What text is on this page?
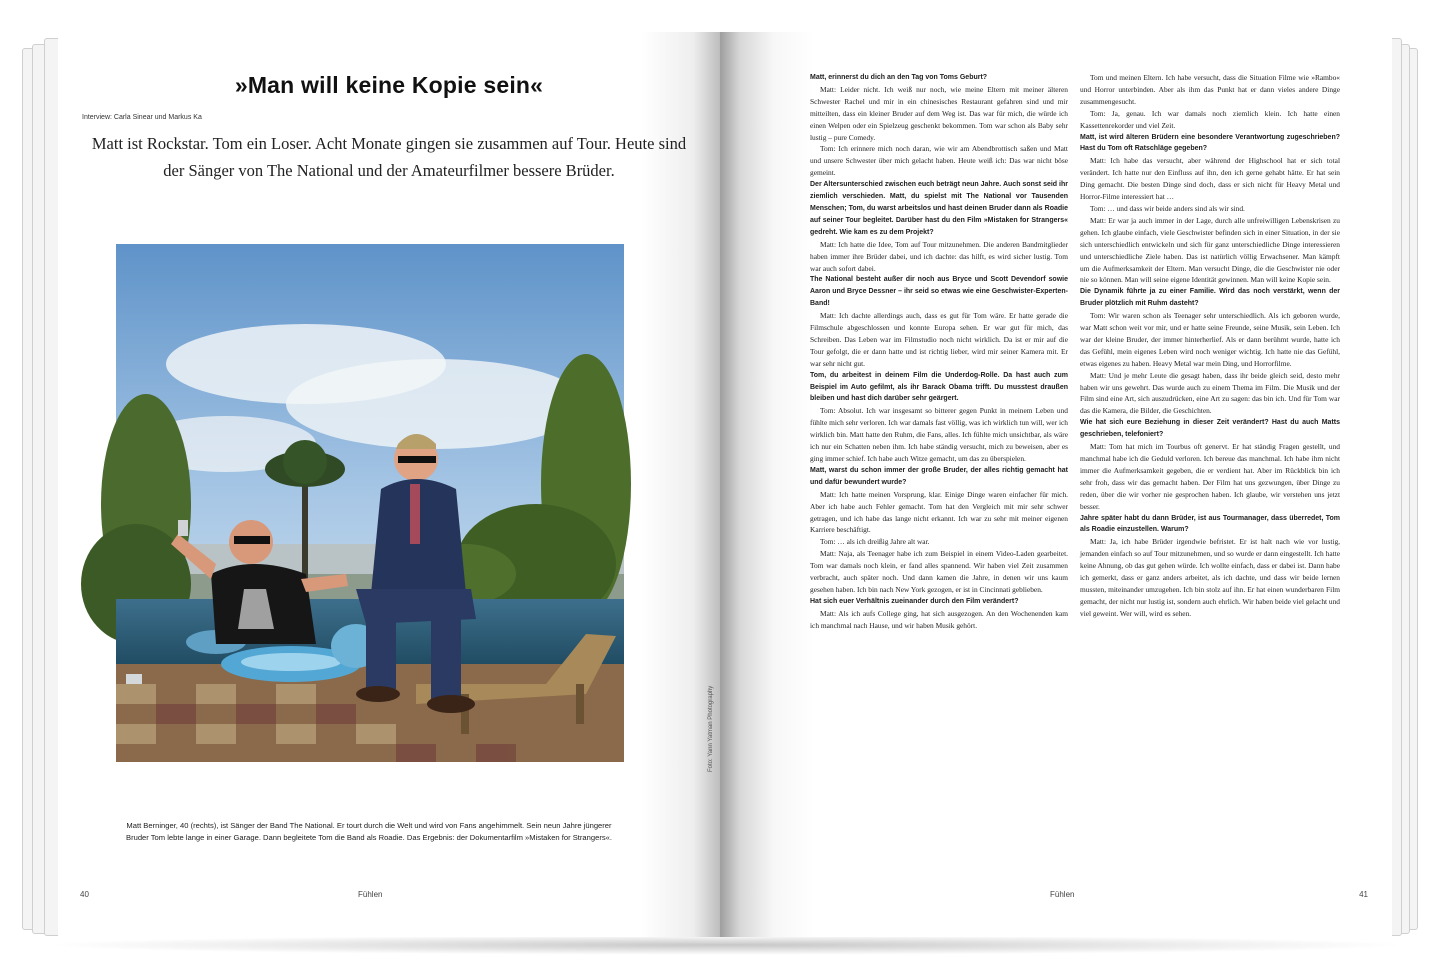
»Man will keine Kopie sein«
Interview: Carla Sinear und Markus Ka
Matt ist Rockstar. Tom ein Loser. Acht Monate gingen sie zusammen auf Tour. Heute sind der Sänger von The National und der Amateurfilmer bessere Brüder.
Matt Berninger, 40 (rechts), ist Sänger der Band The National. Er tourt durch die Welt und wird von Fans angehimmelt. Sein neun Jahre jüngerer Bruder Tom lebte lange in einer Garage. Dann begleitete Tom die Band als Roadie. Das Ergebnis: der Dokumentarfilm »Mistaken for Strangers«.
40	Fühlen
Foto: Yann Yatman Photography

Matt, erinnerst du dich an den Tag von Toms Geburt?

Matt: Leider nicht. Ich weiß nur noch, wie meine Eltern mit meiner älteren Schwester Rachel und mir in ein chinesisches Restaurant gefahren sind und mir mitteilten, dass ein kleiner Bruder auf dem Weg ist. Das war für mich, die würde ich einen Welpen oder ein Spielzeug geschenkt bekommen. Tom war schon als Baby sehr lustig – pure Comedy.

Tom: Ich erinnere mich noch daran, wie wir am Abendbrottisch saßen und Matt und unsere Schwester über mich gelacht haben. Heute weiß ich: Das war nicht böse gemeint.

Der Altersunterschied zwischen euch beträgt neun Jahre. Auch sonst seid ihr ziemlich verschieden. Matt, du spielst mit The National vor Tausenden Menschen; Tom, du warst arbeitslos und hast deinen Bruder dann als Roadie auf seiner Tour begleitet. Darüber hast du den Film »Mistaken for Strangers« gedreht. Wie kam es zu dem Projekt?

Matt: Ich hatte die Idee, Tom auf Tour mitzunehmen. Die anderen Bandmitglieder haben immer ihre Brüder dabei, und ich dachte: das hilft, es wird sicher lustig. Tom war auch sofort dabei.

The National besteht außer dir noch aus Bryce und Scott Devendorf sowie Aaron und Bryce Dessner – ihr seid so etwas wie eine Geschwister-Experten-Band!

Matt: Ich dachte allerdings auch, dass es gut für Tom wäre. Er hatte gerade die Filmschule abgeschlossen und konnte Europa sehen. Er war gut für mich, das Schreiben. Das Leben war im Filmstudio noch nicht wirklich. Da ist er mir auf die Tour gefolgt, die er dann hatte und ist richtig lieber, wird mir seiner Kamera mit. Er war sehr nicht gut.

Tom, du arbeitest in deinem Film die Underdog-Rolle. Da hast auch zum Beispiel im Auto gefilmt, als ihr Barack Obama trifft. Du musstest draußen bleiben und hast dich darüber sehr geärgert.

Tom: Absolut. Ich war insgesamt so bitterer gegen Punkt in meinem Leben und fühlte mich sehr verloren. Ich war damals fast völlig, was ich wirklich tun will, wer ich wirklich bin. Matt hatte den Ruhm, die Fans, alles. Ich fühlte mich unsichtbar, als wäre ich nur ein Schatten neben ihm. Ich habe ständig versucht, mich zu beweisen, aber es ging immer schief. Ich habe auch Witze gemacht, um das zu überspielen.

Matt, warst du schon immer der große Bruder, der alles richtig gemacht hat und dafür bewundert wurde?

Matt: Ich hatte meinen Vorsprung, klar. Einige Dinge waren einfacher für mich. Aber ich habe auch Fehler gemacht. Tom hat den Vergleich mit mir sehr schwer getragen, und ich habe das lange nicht erkannt. Ich war zu sehr mit meiner eigenen Karriere beschäftigt.

Tom: … als ich dreißig Jahre alt war.

Matt: Naja, als Teenager habe ich zum Beispiel in einem Video-Laden gearbeitet. Tom war damals noch klein, er fand alles spannend. Wir haben viel Zeit zusammen verbracht, auch später noch. Und dann kamen die Jahre, in denen wir uns kaum gesehen haben. Ich bin nach New York gezogen, er ist in Cincinnati geblieben.

Hat sich euer Verhältnis zueinander durch den Film verändert?

Matt: Als ich aufs College ging, hat sich ausgezogen. An den Wochenenden kam ich manchmal nach Hause, und wir haben Musik gehört.

Tom und meinen Eltern. Ich habe versucht, dass die Situation Filme wie »Rambo« und Horror unterbinden. Aber als ihm das Punkt hat er dann vieles andere Dinge zusammengesucht.

Tom: Ja, genau. Ich war damals noch ziemlich klein. Ich hatte einen Kassettenrekorder und viel Zeit.

Matt, ist wird älteren Brüdern eine besondere Verantwortung zugeschrieben? Hast du Tom oft Ratschläge gegeben?

Matt: Ich habe das versucht, aber während der Highschool hat er sich total verändert. Ich hatte nur den Einfluss auf ihn, den ich gerne gehabt hätte. Er hat sein Ding gemacht. Die besten Dinge sind doch, dass er sich nicht für Heavy Metal und Horror-Filme interessiert hat …

Tom: … und dass wir beide anders sind als wir sind.

Matt: Er war ja auch immer in der Lage, durch alle unfreiwilligen Lebenskrisen zu gehen. Ich glaube einfach, viele Geschwister befinden sich in einer Situation, in der sie sich unterschiedlich entwickeln und sich für ganz unterschiedliche Dinge interessieren und unterschiedliche Ziele haben. Das ist natürlich völlig Erwachsener. Man kämpft um die Aufmerksamkeit der Eltern. Man versucht Dinge, die die Geschwister nie oder nie so können. Man will seine eigene Identität gewinnen. Man will keine Kopie sein.

Die Dynamik führte ja zu einer Familie. Wird das noch verstärkt, wenn der Bruder plötzlich mit Ruhm dasteht?

Tom: Wir waren schon als Teenager sehr unterschiedlich. Als ich geboren wurde, war Matt schon weit vor mir, und er hatte seine Freunde, seine Musik, sein Leben. Ich war der kleine Bruder, der immer hinterherlief. Als er dann berühmt wurde, hatte ich das Gefühl, mein eigenes Leben wird noch weniger wichtig. Ich hatte nie das Gefühl, etwas eigenes zu haben. Heavy Metal war mein Ding, und Horrorfilme.

Matt: Und je mehr Leute die gesagt haben, dass ihr beide gleich seid, desto mehr haben wir uns gewehrt. Das wurde auch zu einem Thema im Film. Die Musik und der Film sind eine Art, sich auszudrücken, eine Art zu sagen: das bin ich. Und für Tom war das die Kamera, die Bilder, die Geschichten.

Wie hat sich eure Beziehung in dieser Zeit verändert? Hast du auch Matts geschrieben, telefoniert?

Matt: Tom hat mich im Tourbus oft genervt. Er hat ständig Fragen gestellt, und manchmal habe ich die Geduld verloren. Ich bereue das manchmal. Ich habe ihm nicht immer die Aufmerksamkeit gegeben, die er verdient hat. Aber im Rückblick bin ich sehr froh, dass wir das gemacht haben. Der Film hat uns gezwungen, über Dinge zu reden, über die wir vorher nie gesprochen haben. Ich glaube, wir verstehen uns jetzt besser.

Jahre später habt du dann Brüder, ist aus Tourmanager, dass überredet, Tom als Roadie einzustellen. Warum?

Matt: Ja, ich habe Brüder irgendwie befristet. Er ist halt nach wie vor lustig, jemanden einfach so auf Tour mitzunehmen, und so wurde er dann eingestellt. Ich hatte keine Ahnung, ob das gut gehen würde. Ich wollte einfach, dass er dabei ist. Dann habe ich gemerkt, dass er ganz anders arbeitet, als ich dachte, und dass wir beide lernen mussten, miteinander umzugehen. Ich bin stolz auf ihn. Er hat einen wunderbaren Film gemacht, der nicht nur lustig ist, sondern auch ehrlich. Wir haben beide viel gelacht und viel geweint. Wer will, wird es sehen.

Fühlen	41
